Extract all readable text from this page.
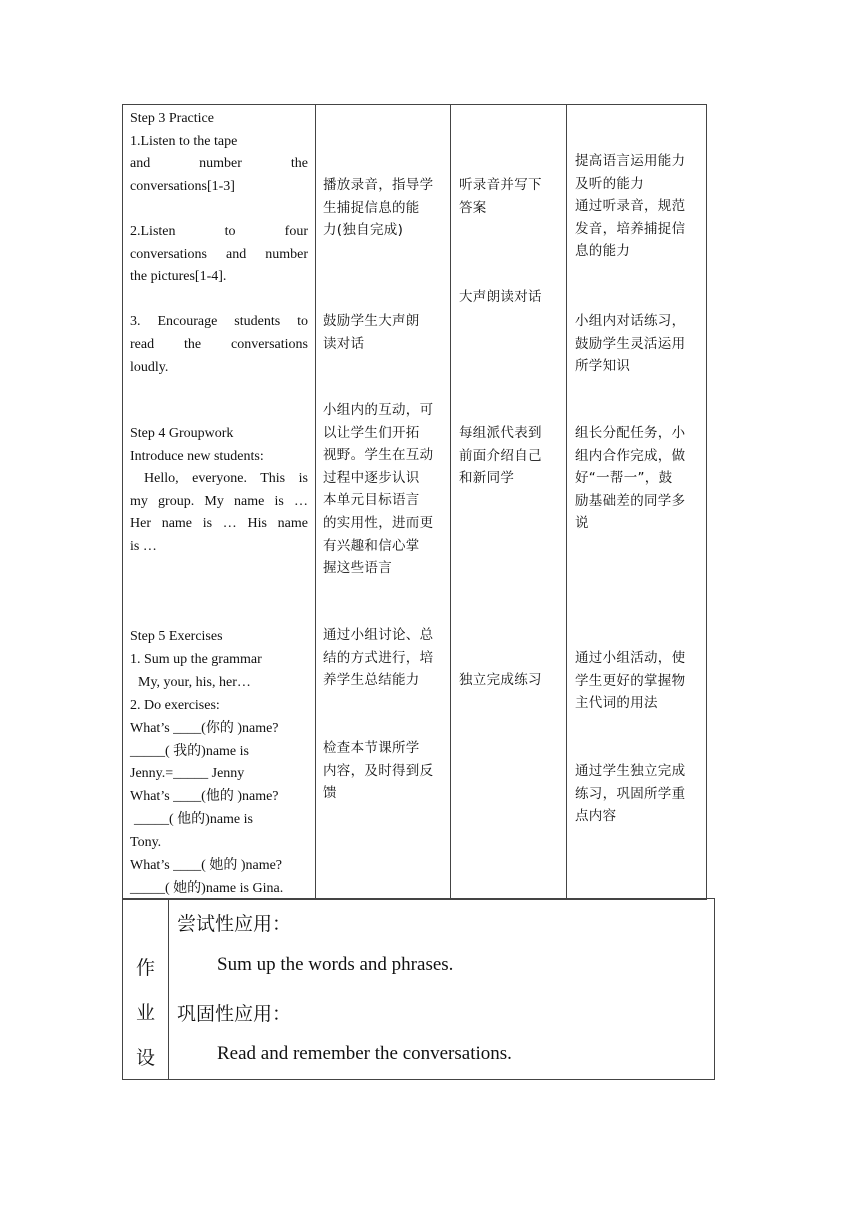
Step 3 Practice
1.Listen to the tape
and number the
conversations[1-3]

2.Listen to four
conversations and number
the pictures[1-4].

3. Encourage students to
read the conversations
loudly.
Step 4 Groupwork
Introduce new students:
Hello, everyone. This is
my group. My name is …
Her name is … His name
is …
Step 5 Exercises
1. Sum up the grammar
My, your, his, her…
2. Do exercises:
What’s ____(你的 )name?
_____( 我的)name is
Jenny.=_____ Jenny
What’s ____(他的 )name?
_____( 他的)name is
Tony.
What’s ____( 她的 )name?
_____( 她的)name is Gina.
播放录音，指导学
生捕捉信息的能
力(独自完成)
鼓励学生大声朗
读对话
小组内的互动，可
以让学生们开拓
视野。学生在互动
过程中逐步认识
本单元目标语言
的实用性，进而更
有兴趣和信心掌
握这些语言
通过小组讨论、总
结的方式进行，培
养学生总结能力
检查本节课所学
内容，及时得到反
馈
听录音并写下
答案
大声朗读对话
每组派代表到
前面介绍自己
和新同学
独立完成练习
提高语言运用能力
及听的能力
通过听录音，规范
发音，培养捕捉信
息的能力
小组内对话练习，
鼓励学生灵活运用
所学知识
组长分配任务，小
组内合作完成，做
好“一帮一”，鼓
励基础差的同学多
说
通过小组活动，使
学生更好的掌握物
主代词的用法
通过学生独立完成
练习，巩固所学重
点内容
作
业
设
尝试性应用：
Sum up the words and phrases.
巩固性应用：
Read and remember the conversations.
